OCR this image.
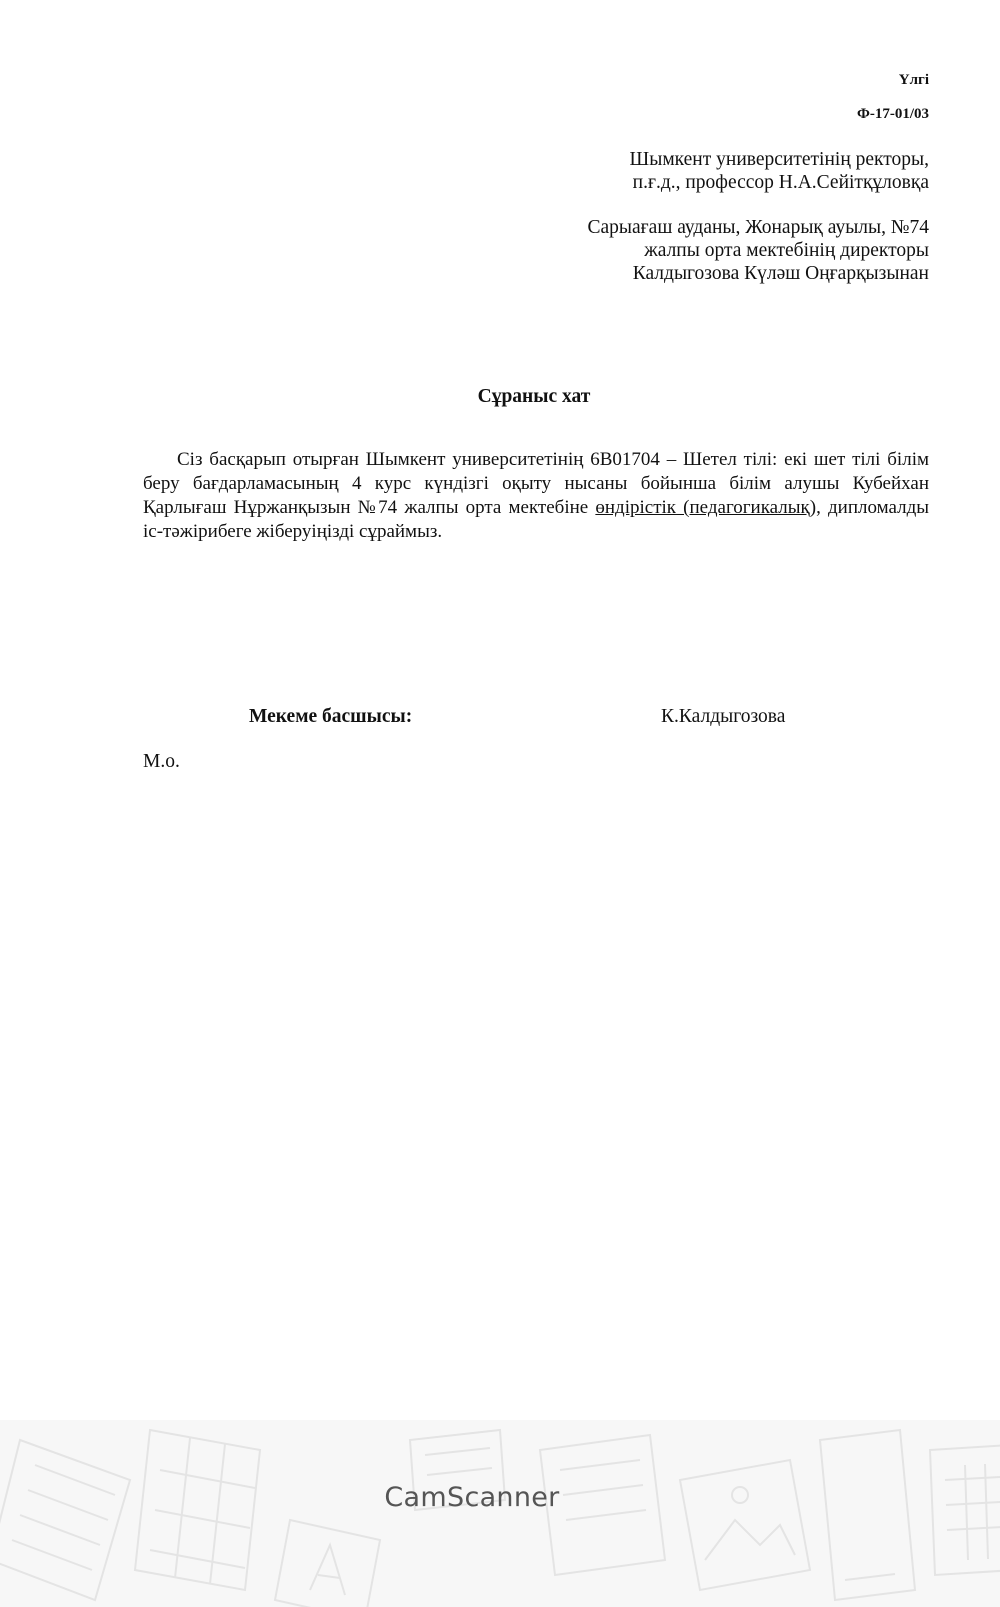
Үлгі
Ф-17-01/03
Шымкент университетінің ректоры,
п.ғ.д., профессор Н.А.Сейітқұловқа
Сарыағаш ауданы, Жонарық ауылы, №74
жалпы орта мектебінің директоры
Калдыгозова Күләш Оңғарқызынан
Сұраныс хат
Сіз басқарып отырған Шымкент университетінің 6В01704 – Шетел тілі: екі шет тілі білім беру бағдарламасының 4 курс күндізгі оқыту нысаны бойынша білім алушы Кубейхан Қарлығаш Нұржанқызын №74 жалпы орта мектебіне өндірістік (педагогикалық), дипломалды іс-тәжірибеге жіберуіңізді сұраймыз.
Мекеме басшысы:	К.Калдыгозова
М.о.
CamScanner
